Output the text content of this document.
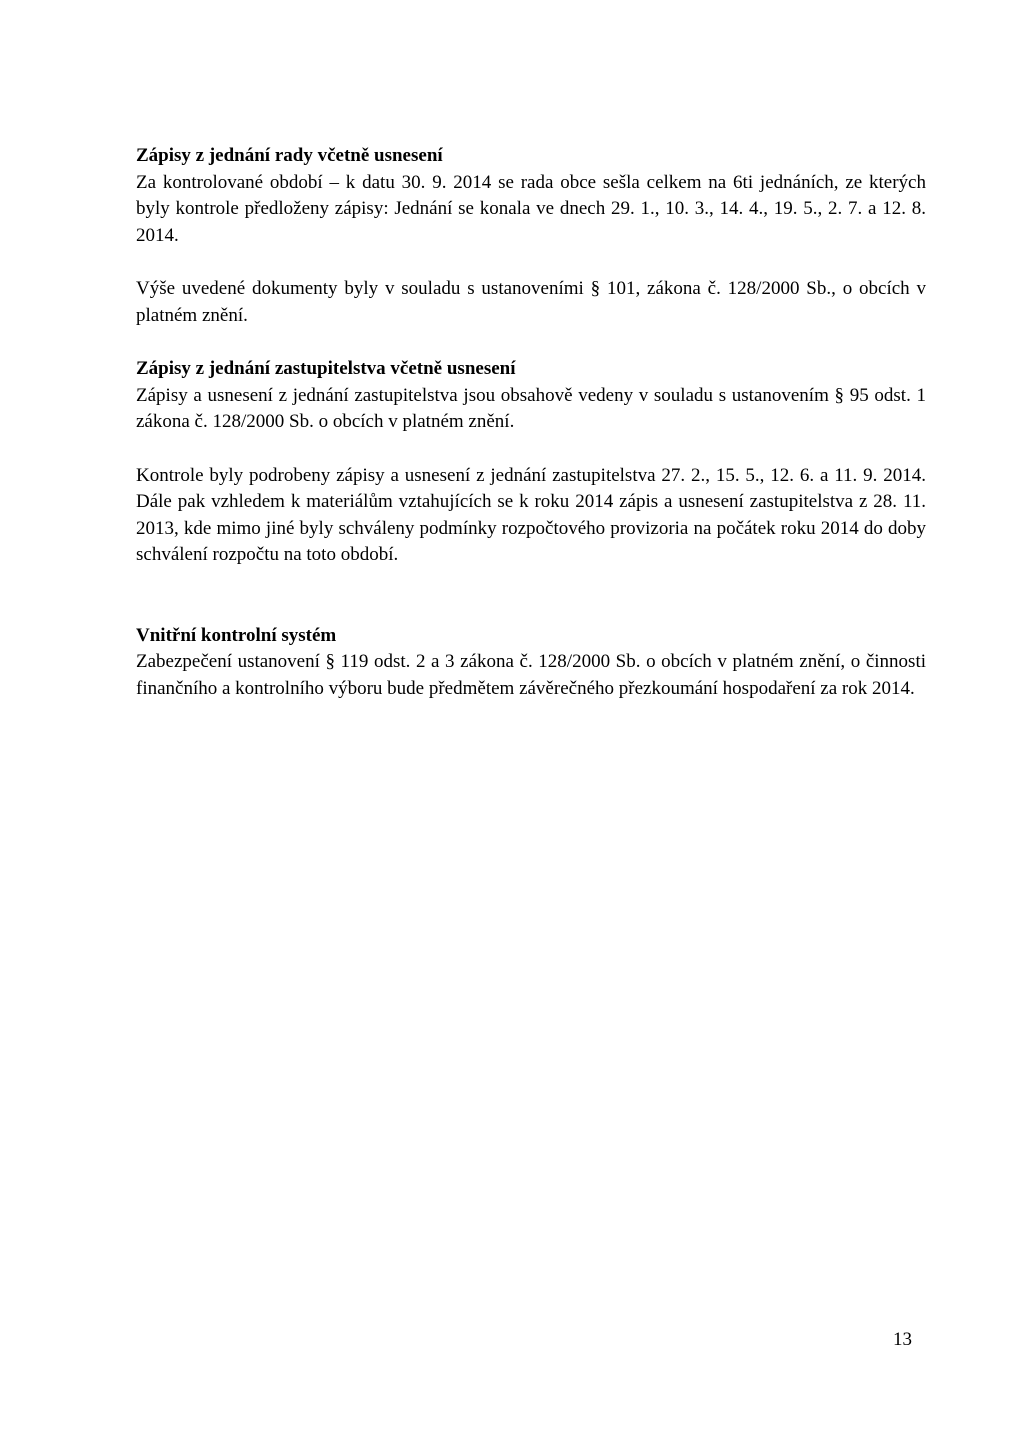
Zápisy z jednání rady včetně usnesení

Za kontrolované období – k datu 30. 9. 2014 se rada obce sešla celkem na 6ti jednáních, ze kterých byly kontrole předloženy zápisy: Jednání se konala ve dnech 29. 1., 10. 3., 14. 4., 19. 5., 2. 7. a 12. 8. 2014.

Výše uvedené dokumenty byly v souladu s ustanoveními § 101, zákona č. 128/2000 Sb., o obcích v platném znění.

Zápisy z jednání zastupitelstva včetně usnesení

Zápisy a usnesení z jednání zastupitelstva jsou obsahově vedeny v souladu s ustanovením § 95 odst. 1 zákona č. 128/2000 Sb. o obcích v platném znění.

Kontrole byly podrobeny zápisy a usnesení z jednání zastupitelstva 27. 2., 15. 5., 12. 6. a 11. 9. 2014. Dále pak vzhledem k materiálům vztahujících se k roku 2014 zápis a usnesení zastupitelstva z 28. 11. 2013, kde mimo jiné byly schváleny podmínky rozpočtového provizoria na počátek roku 2014 do doby schválení rozpočtu na toto období.

Vnitřní kontrolní systém

Zabezpečení ustanovení § 119 odst. 2 a 3 zákona č. 128/2000 Sb. o obcích v platném znění, o činnosti finančního a kontrolního výboru bude předmětem závěrečného přezkoumání hospodaření za rok 2014.

13
